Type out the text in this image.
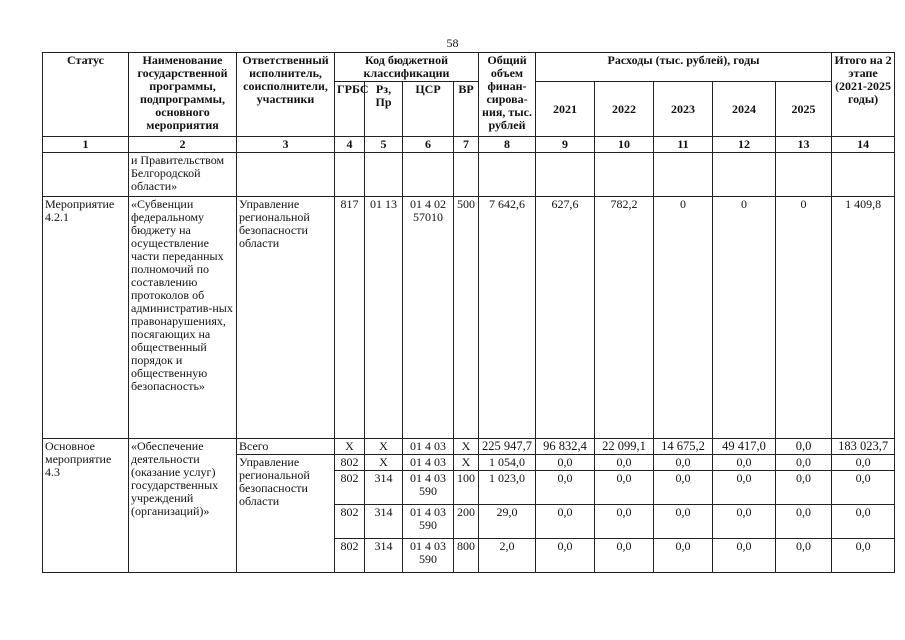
58
Статус	Наименование государственной программы, подпрограммы, основного мероприятия	Ответственный исполнитель, соисполнители, участники	Код бюджетной классификации				Общий объем финан-сирова-ния, тыс. рублей	Расходы (тыс. рублей), годы					Итого на 2 этапе (2021-2025 годы)
			ГРБС	Рз, Пр	ЦСР	ВР		2021	2022	2023	2024	2025	
1	2	3	4	5	6	7	8	9	10	11	12	13	14
	и Правительством Белгородской области»												
Мероприятие 4.2.1	«Субвенции федеральному бюджету на осуществление части переданных полномочий по составлению протоколов об административ-ных правонарушениях, посягающих на общественный порядок и общественную безопасность»	Управление региональной безопасности области	817	01 13	01 4 02 57010	500	7 642,6	627,6	782,2	0	0	0	1 409,8
Основное мероприятие 4.3	«Обеспечение деятельности (оказание услуг) государственных учреждений (организаций)»	Всего	X	X	01 4 03	X	225 947,7	96 832,4	22 099,1	14 675,2	49 417,0	0,0	183 023,7
		Управление региональной безопасности области	802	X	01 4 03	X	1 054,0	0,0	0,0	0,0	0,0	0,0	0,0
			802	314	01 4 03 590	100	1 023,0	0,0	0,0	0,0	0,0	0,0	0,0
			802	314	01 4 03 590	200	29,0	0,0	0,0	0,0	0,0	0,0	0,0
			802	314	01 4 03 590	800	2,0	0,0	0,0	0,0	0,0	0,0	0,0
